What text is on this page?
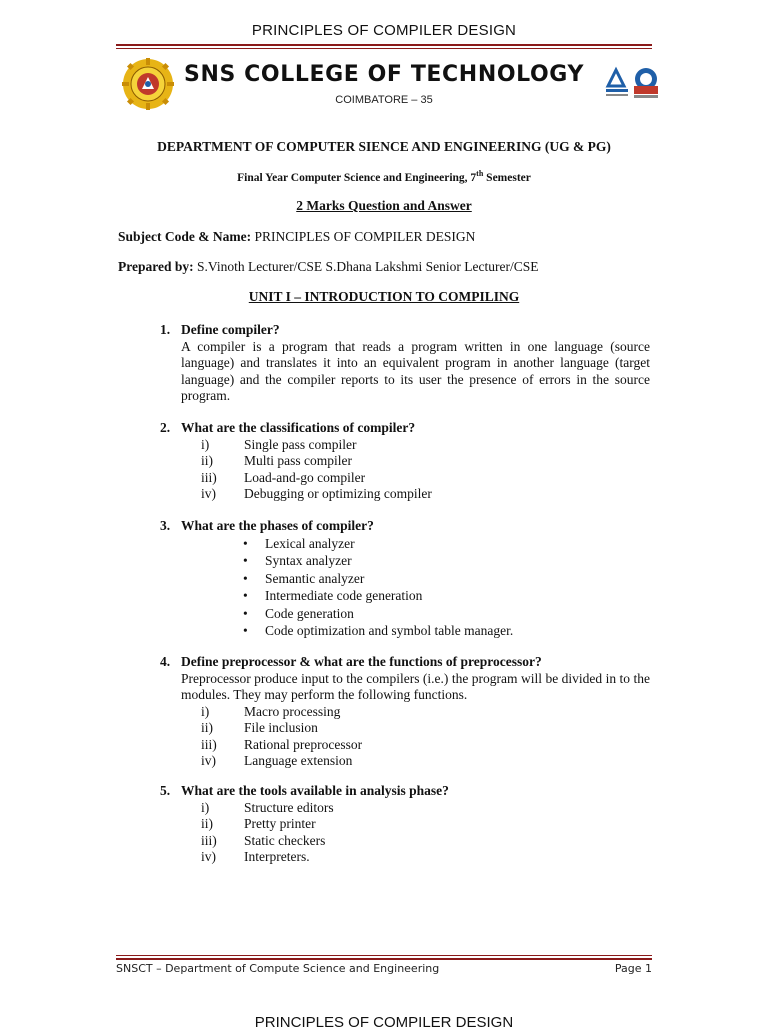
PRINCIPLES OF COMPILER DESIGN
SNS COLLEGE OF TECHNOLOGY
COIMBATORE – 35
DEPARTMENT OF COMPUTER SIENCE AND ENGINEERING (UG & PG)
Final Year Computer Science and Engineering, 7th Semester
2 Marks Question and Answer
Subject Code & Name: PRINCIPLES OF COMPILER DESIGN
Prepared by: S.Vinoth Lecturer/CSE S.Dhana Lakshmi Senior Lecturer/CSE
UNIT I – INTRODUCTION TO COMPILING
1. Define compiler?
A compiler is a program that reads a program written in one language (source language) and translates it into an equivalent program in another language (target language) and the compiler reports to its user the presence of errors in the source program.
2. What are the classifications of compiler?
i)	Single pass compiler
ii)	Multi pass compiler
iii)	Load-and-go compiler
iv)	Debugging or optimizing compiler
3. What are the phases of compiler?
•	Lexical analyzer
•	Syntax analyzer
•	Semantic analyzer
•	Intermediate code generation
•	Code generation
•	Code optimization and symbol table manager.
4. Define preprocessor & what are the functions of preprocessor?
Preprocessor produce input to the compilers (i.e.) the program will be divided in to the modules. They may perform the following functions.
i)	Macro processing
ii)	File inclusion
iii)	Rational preprocessor
iv)	Language extension
5. What are the tools available in analysis phase?
i)	Structure editors
ii)	Pretty printer
iii)	Static checkers
iv)	Interpreters.
SNSCT – Department of Compute Science and Engineering	Page 1
PRINCIPLES OF COMPILER DESIGN
